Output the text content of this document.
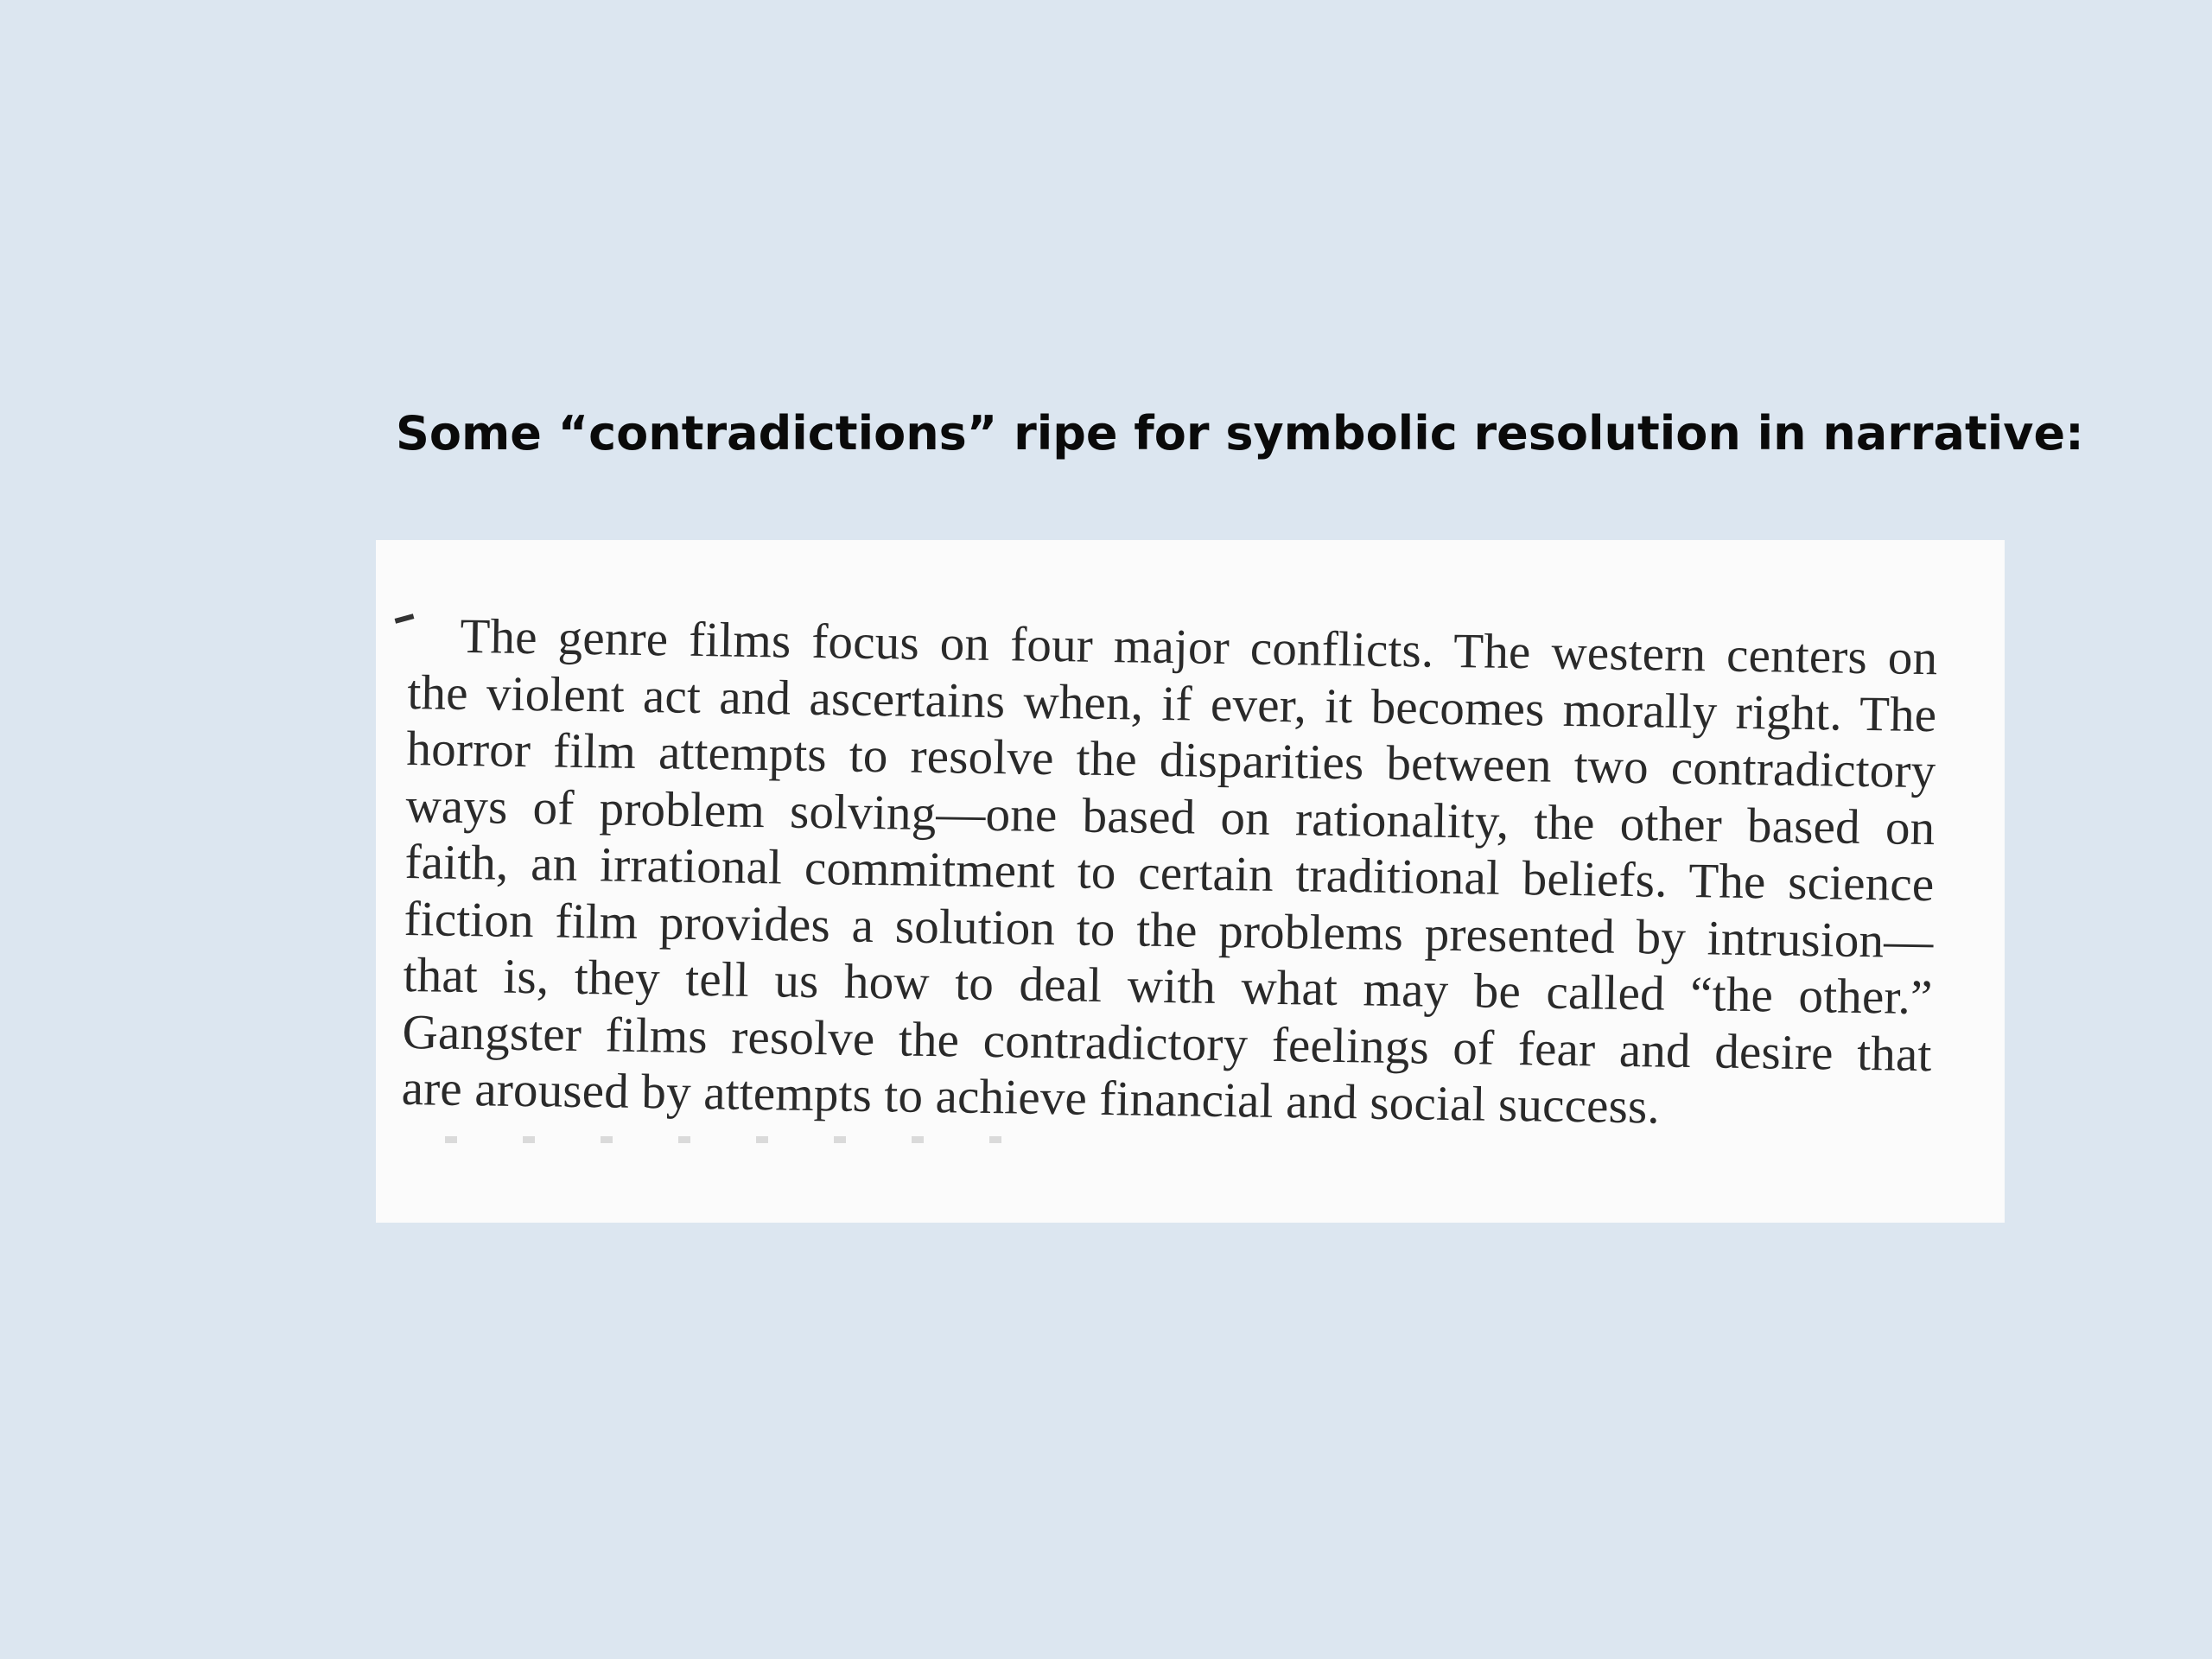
Some “contradictions” ripe for symbolic resolution in narrative:
The genre films focus on four major conflicts. The western centers on
the violent act and ascertains when, if ever, it becomes morally right. The
horror film attempts to resolve the disparities between two contradictory
ways of problem solving—one based on rationality, the other based on
faith, an irrational commitment to certain traditional beliefs. The science
fiction film provides a solution to the problems presented by intrusion—
that is, they tell us how to deal with what may be called “the other.”
Gangster films resolve the contradictory feelings of fear and desire that
are aroused by attempts to achieve financial and social success.
